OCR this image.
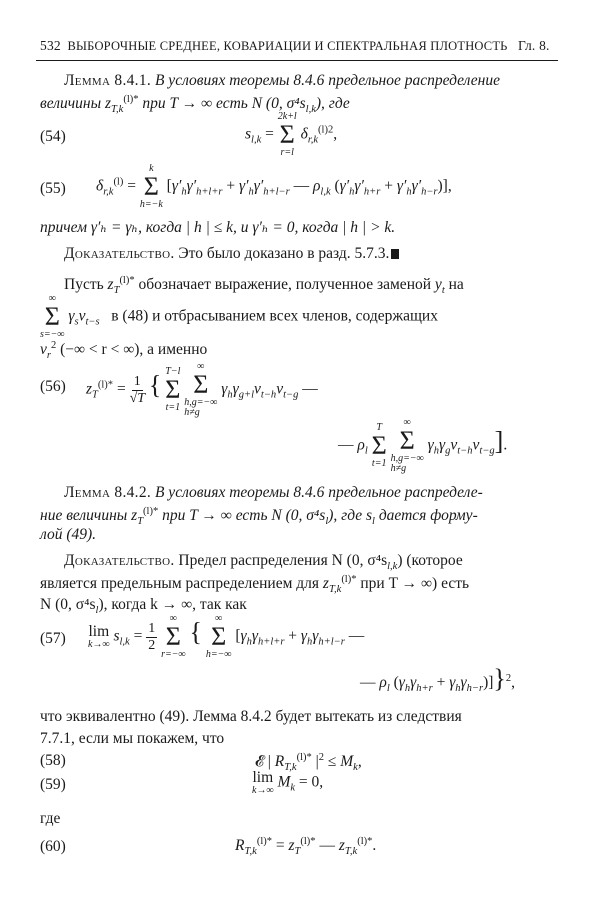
532 ВЫБОРОЧНЫЕ СРЕДНЕЕ, КОВАРИАЦИИ И СПЕКТРАЛЬНАЯ ПЛОТНОСТЬ Гл. 8.
Лемма 8.4.1. В условиях теоремы 8.4.6 предельное распределение
величины $z_{T,k}^{(l)*}$ при T → ∞ есть N (0, $\sigma^4s_{l,k}$), где
(54)	$s_{l,k}$ =
2k+l
Σ
r=l
$\delta_{r,k}^{(l)2}$,
(55) $\delta_{r,k}^{(l)}$ =
k
Σ
h=−k
[$\gamma'_h\gamma'_{h+l+r} + \gamma'_h\gamma'_{h+l-r}$ — $\rho_{l,k}$ $(\gamma'_h\gamma'_{h+r} + \gamma'_h\gamma'_{h-r})$],
причем γ′ₕ = γₕ, когда | h | ≤ k, и γ′ₕ = 0, когда | h | > k.
Доказательство. Это было доказано в разд. 5.7.3.
Пусть $z_T^{(l)*}$ обозначает выражение, полученное заменой $y_t$ на
∞
Σ
s=−∞
$\gamma_sv_{t-s}$ в (48) и отбрасыванием всех членов, содержащих
$v_r^2$ (−∞ < r < ∞), а именно
(56) $z_T^{(l)*} = \frac{1}{√T}$ { T−l
Σ
t=1

∞
Σ
h,g=−∞
h≠g
$\gamma_h\gamma_{g+l}v_{t-h}v_{t-g}$ —
— $\rho_l$
T
Σ
t=1

∞
Σ
h,g=−∞
h≠g
$\gamma_h\gamma_gv_{t-h}v_{t-g}$].
Лемма 8.4.2. В условиях теоремы 8.4.6 предельное распределе-
ние величины $z_T^{(l)*}$ при T → ∞ есть N (0, $\sigma^4s_l$), где $s_l$ дается форму-
лой (49).
Доказательство. Предел распределения N (0, $\sigma^4s_{l,k}$) (которое
является предельным распределением для $z_{T,k}^{(l)*}$ при T → ∞) есть
N (0, $\sigma^4s_l$), когда k → ∞, так как
(57) lim
k→∞ $s_{l,k} = \frac{1}{2}$

∞
Σ
r=−∞
{ ∞
Σ
h=−∞
[$\gamma_h\gamma_{h+l+r} + \gamma_h\gamma_{h+l-r}$ —
— $\rho_l$ $(\gamma_h\gamma_{h+r} + \gamma_h\gamma_{h-r})]\}^2$,
что эквивалентно (49). Лемма 8.4.2 будет вытекать из следствия
7.7.1, если мы покажем, что
(58)	𝓔 | $R_{T,k}^{(l)*}$ $|^2 \le M_k$,
(59)	lim
k→∞ $M_k = 0$,
где
(60)	$R_{T,k}^{(l)*} = z_T^{(l)*}$ — $z_{T,k}^{(l)*}$.
